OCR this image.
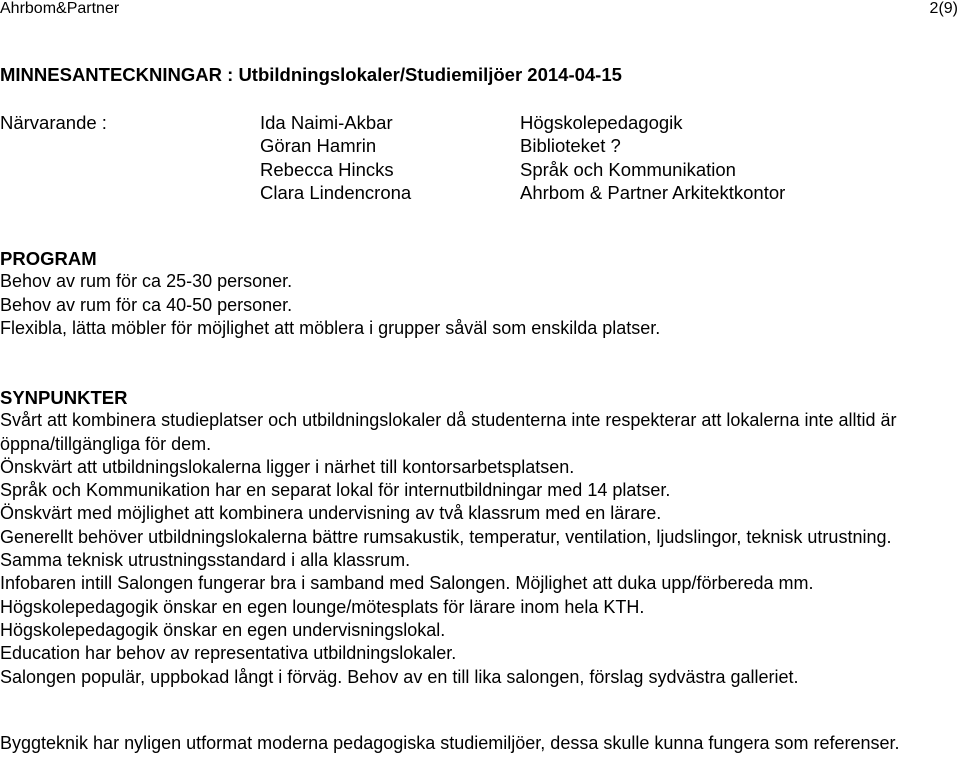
Ahrbom&Partner	2(9)
MINNESANTECKNINGAR : Utbildningslokaler/Studiemiljöer 2014-04-15
Närvarande :	Ida Naimi-Akbar
Göran Hamrin
Rebecca Hincks
Clara Lindencrona
Högskolepedagogik
Biblioteket ?
Språk och Kommunikation
Ahrbom & Partner Arkitektkontor
PROGRAM

Behov av rum för ca 25-30 personer.

Behov av rum för ca 40-50 personer.

Flexibla, lätta möbler för möjlighet att möblera i grupper såväl som enskilda platser.

SYNPUNKTER

Svårt att kombinera studieplatser och utbildningslokaler då studenterna inte respekterar att lokalerna inte alltid är öppna/tillgängliga för dem.

Önskvärt att utbildningslokalerna ligger i närhet till kontorsarbetsplatsen.

Språk och Kommunikation har en separat lokal för internutbildningar med 14 platser.

Önskvärt med möjlighet att kombinera undervisning av två klassrum med en lärare.

Generellt behöver utbildningslokalerna bättre rumsakustik, temperatur, ventilation, ljudslingor, teknisk utrustning.

Samma teknisk utrustningsstandard i alla klassrum.

Infobaren intill Salongen fungerar bra i samband med Salongen. Möjlighet att duka upp/förbereda mm.

Högskolepedagogik önskar en egen lounge/mötesplats för lärare inom hela KTH.

Högskolepedagogik önskar en egen undervisningslokal.

Education har behov av representativa utbildningslokaler.

Salongen populär, uppbokad långt i förväg. Behov av en till lika salongen, förslag sydvästra galleriet.

Byggteknik har nyligen utformat moderna pedagogiska studiemiljöer, dessa skulle kunna fungera som referenser.
